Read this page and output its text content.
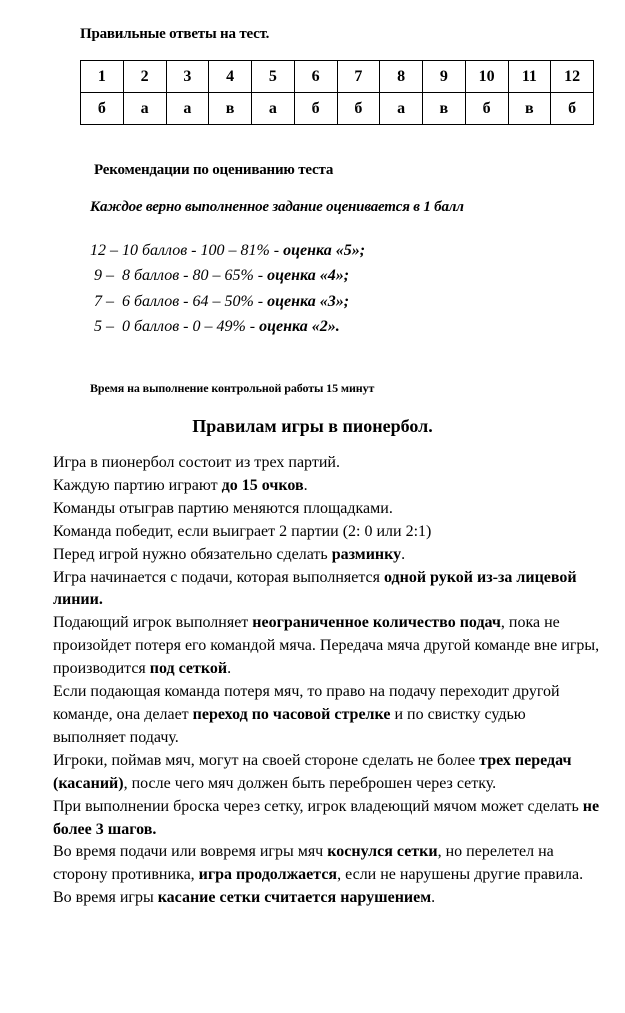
Правильные ответы на тест.
1	2	3	4	5	6	7	8	9	10	11	12
б	а	а	в	а	б	б	а	в	б	в	б
Рекомендации по оцениванию теста
Каждое верно выполненное задание оценивается в 1 балл
12 – 10 баллов - 100 – 81% - оценка «5»;
9 –  8 баллов - 80 – 65% - оценка «4»;
7 –  6 баллов - 64 – 50% - оценка «3»;
5 –  0 баллов - 0 – 49% - оценка «2».
Время на выполнение контрольной работы 15 минут
Правилам игры в пионербол.

Игра в пионербол состоит из трех партий.

Каждую партию играют до 15 очков.

Команды отыграв партию меняются площадками.

Команда победит, если выиграет 2 партии (2: 0 или 2:1)

Перед игрой нужно обязательно сделать разминку.

Игра начинается с подачи, которая выполняется одной рукой из-за лицевой линии.

Подающий игрок выполняет неограниченное количество подач, пока не произойдет потеря его командой мяча. Передача мяча другой команде вне игры, производится под сеткой.

Если подающая команда потеря мяч, то право на подачу переходит другой команде, она делает переход по часовой стрелке и по свистку судью выполняет подачу.

Игроки, поймав мяч, могут на своей стороне сделать не более трех передач (касаний), после чего мяч должен быть переброшен через сетку.

При выполнении броска через сетку, игрок владеющий мячом может сделать не более 3 шагов.

Во время подачи или вовремя игры мяч коснулся сетки, но перелетел на сторону противника, игра продолжается, если не нарушены другие правила.

Во время игры касание сетки считается нарушением.
